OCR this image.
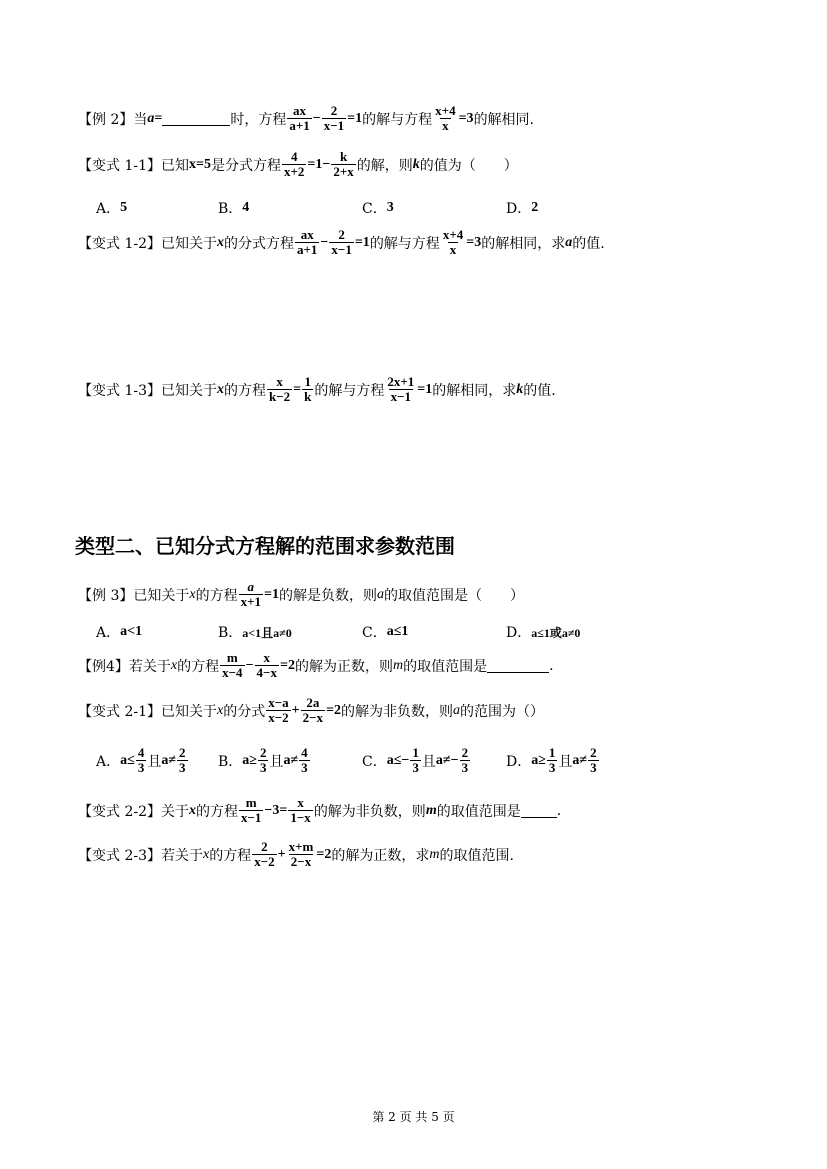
【例 2】 当 a =	时，方程 $\frac{ax}{a+1} - \frac{2}{x-1} =1$ 的解与方程 $\frac{x+4}{x} =3$ 的解相同.
【变式 1-1】 已知 x=5 是分式方程 $\frac{4}{x+2} =1- \frac{k}{2+x}$ 的解，则 k 的值为（　　）
A． 5	B． 4	C． 3	D． 2
【变式 1-2】 已知关于 x 的分式方程 $\frac{ax}{a+1} - \frac{2}{x-1} =1$ 的解与方程 $\frac{x+4}{x} =3$ 的解相同，求 a 的值.
【变式 1-3】 已知关于 x 的方程 $\frac{x}{k-2} = \frac{1}{k}$ 的解与方程 $\frac{2x+1}{x-1} =1$ 的解相同，求 k 的值.
类型二、已知分式方程解的范围求参数范围
【例 3】 已知关于 x 的方程 $\frac{a}{x+1} =1$ 的解是负数，则 a 的取值范围是（　　）
A． a<1	B． a<1且a≠0	C． a≤1	D． a≤1或a≠0
【例4】 若关于 x 的方程 $\frac{m}{x-4} - \frac{x}{4-x} =2$ 的解为正数，则 m 的取值范围是	.
【变式 2-1】 已知关于 x 的分式 $\frac{x-a}{x-2} + \frac{2a}{2-x} =2$ 的解为非负数，则 a 的范围为（）
A． $a\le \frac{4}{3}$ 且 $a\ne \frac{2}{3}$ B． $a\ge \frac{2}{3}$ 且 $a\ne \frac{4}{3}$	C． $a\le- \frac{1}{3}$ 且 $a\ne- \frac{2}{3}$	D． $a\ge \frac{1}{3}$ 且 $a\ne \frac{2}{3}$
【变式 2-2】 关于 x 的方程 $\frac{m}{x-1} -3= \frac{x}{1-x}$ 的解为非负数，则 m 的取值范围是	.
【变式 2-3】 若关于 x 的方程 $\frac{2}{x-2} + \frac{x+m}{2-x} =2$ 的解为正数，求 m 的取值范围.
第 2 页 共 5 页
